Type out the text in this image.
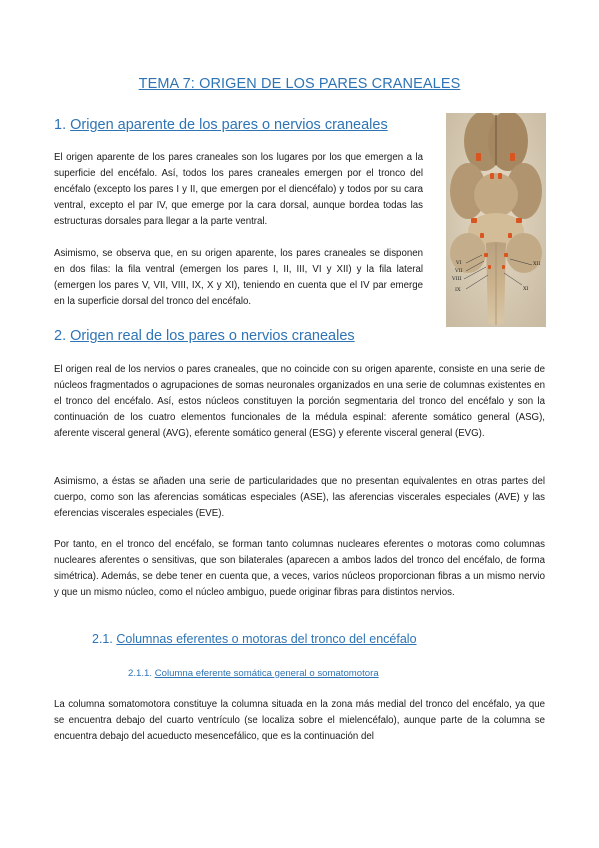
TEMA 7: ORIGEN DE LOS PARES CRANEALES
1. Origen aparente de los pares o nervios craneales

El origen aparente de los pares craneales son los lugares por los que emergen a la superficie del encéfalo. Así, todos los pares craneales emergen por el tronco del encéfalo (excepto los pares I y II, que emergen por el diencéfalo) y todos por su cara ventral, excepto el par IV, que emerge por la cara dorsal, aunque bordea todas las estructuras dorsales para llegar a la parte ventral.

Asimismo, se observa que, en su origen aparente, los pares craneales se disponen en dos filas: la fila ventral (emergen los pares I, II, III, VI y XII) y la fila lateral (emergen los pares V, VII, VIII, IX, X y XI), teniendo en cuenta que el IV par emerge en la superficie dorsal del tronco del encéfalo.

VI
VII
VIII
IX
XII
XI
2. Origen real de los pares o nervios craneales

El origen real de los nervios o pares craneales, que no coincide con su origen aparente, consiste en una serie de núcleos fragmentados o agrupaciones de somas neuronales organizados en una serie de columnas existentes en el tronco del encéfalo. Así, estos núcleos constituyen la porción segmentaria del tronco del encéfalo y son la continuación de los cuatro elementos funcionales de la médula espinal: aferente somático general (ASG), aferente visceral general (AVG), eferente somático general (ESG) y eferente visceral general (EVG).

Asimismo, a éstas se añaden una serie de particularidades que no presentan equivalentes en otras partes del cuerpo, como son las aferencias somáticas especiales (ASE), las aferencias viscerales especiales (AVE) y las eferencias viscerales especiales (EVE).

Por tanto, en el tronco del encéfalo, se forman tanto columnas nucleares eferentes o motoras como columnas nucleares aferentes o sensitivas, que son bilaterales (aparecen a ambos lados del tronco del encéfalo, de forma simétrica). Además, se debe tener en cuenta que, a veces, varios núcleos proporcionan fibras a un mismo nervio y que un mismo núcleo, como el núcleo ambiguo, puede originar fibras para distintos nervios.

2.1. Columnas eferentes o motoras del tronco del encéfalo
2.1.1. Columna eferente somática general o somatomotora

La columna somatomotora constituye la columna situada en la zona más medial del tronco del encéfalo, ya que se encuentra debajo del cuarto ventrículo (se localiza sobre el mielencéfalo), aunque parte de la columna se encuentra debajo del acueducto mesencefálico, que es la continuación del
